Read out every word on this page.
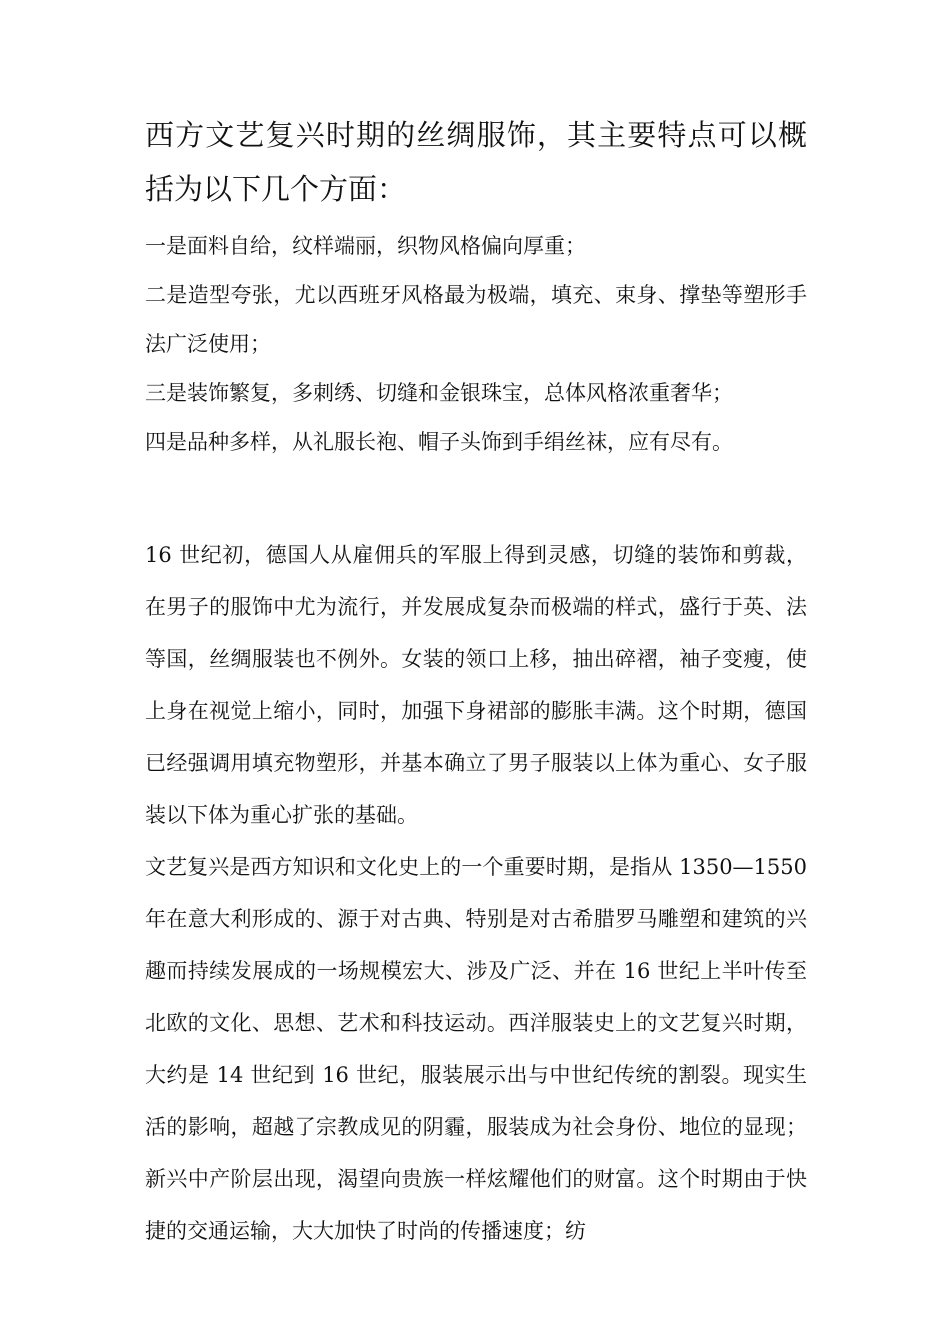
西方文艺复兴时期的丝绸服饰，其主要特点可以概括为以下几个方面：

一是面料自给，纹样端丽，织物风格偏向厚重；

二是造型夸张，尤以西班牙风格最为极端，填充、束身、撑垫等塑形手法广泛使用；

三是装饰繁复，多刺绣、切缝和金银珠宝，总体风格浓重奢华；

四是品种多样，从礼服长袍、帽子头饰到手绢丝袜，应有尽有。

16 世纪初，德国人从雇佣兵的军服上得到灵感，切缝的装饰和剪裁，在男子的服饰中尤为流行，并发展成复杂而极端的样式，盛行于英、法等国，丝绸服装也不例外。女装的领口上移，抽出碎褶，袖子变瘦，使上身在视觉上缩小，同时，加强下身裙部的膨胀丰满。这个时期，德国已经强调用填充物塑形，并基本确立了男子服装以上体为重心、女子服装以下体为重心扩张的基础。

文艺复兴是西方知识和文化史上的一个重要时期，是指从 1350—1550 年在意大利形成的、源于对古典、特别是对古希腊罗马雕塑和建筑的兴趣而持续发展成的一场规模宏大、涉及广泛、并在 16 世纪上半叶传至北欧的文化、思想、艺术和科技运动。西洋服装史上的文艺复兴时期，大约是 14 世纪到 16 世纪，服装展示出与中世纪传统的割裂。现实生活的影响，超越了宗教成见的阴霾，服装成为社会身份、地位的显现；新兴中产阶层出现，渴望向贵族一样炫耀他们的财富。这个时期由于快捷的交通运输，大大加快了时尚的传播速度；纺
